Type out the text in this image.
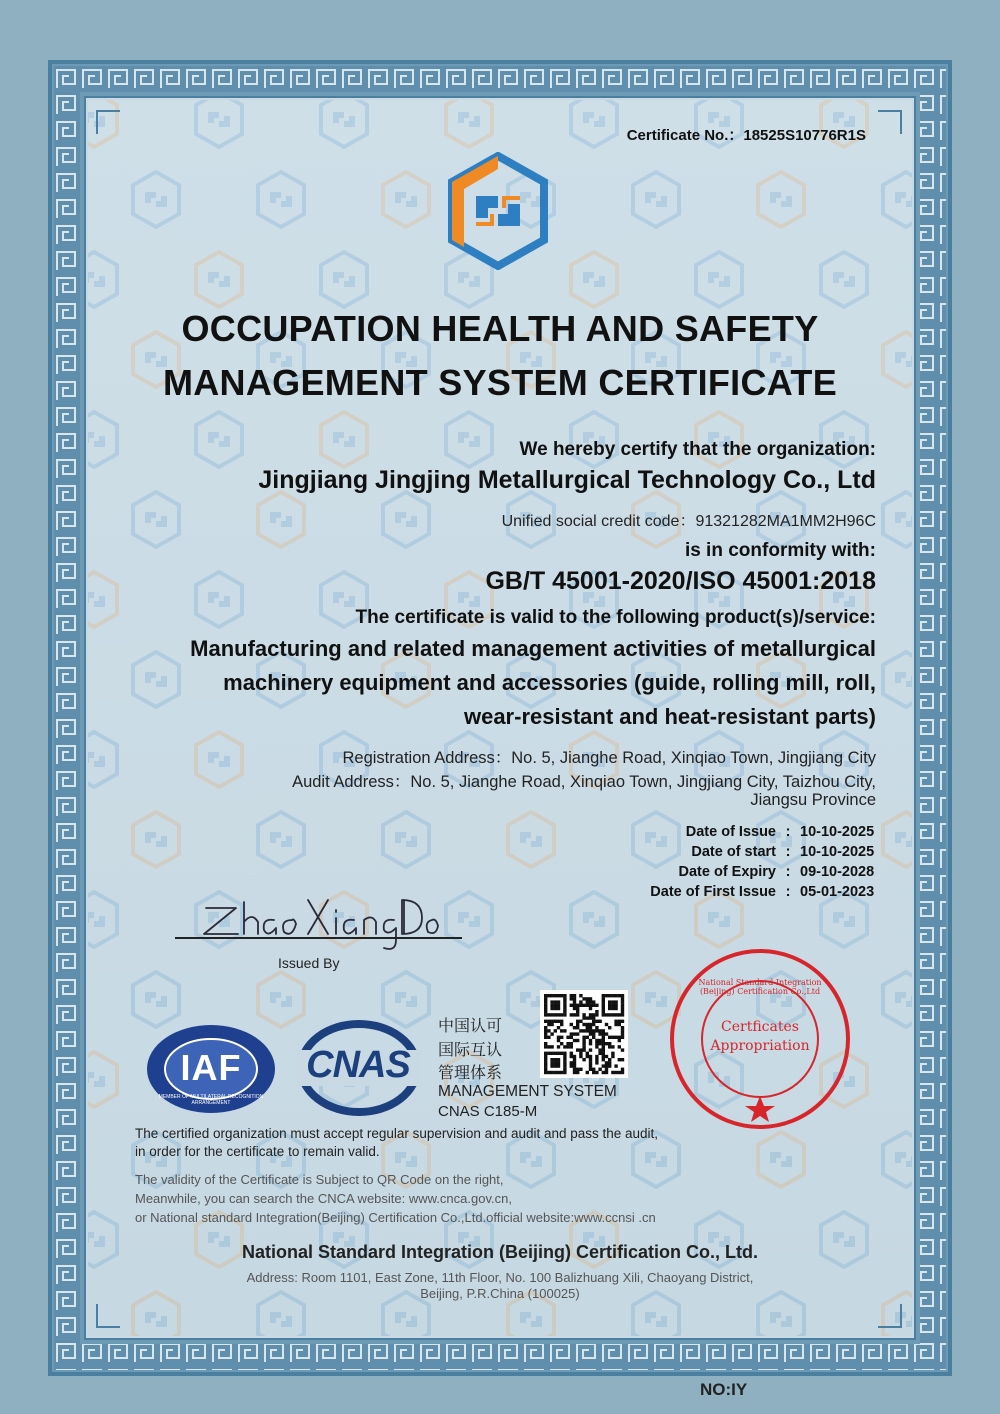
Certificate No.：18525S10776R1S
OCCUPATION HEALTH AND SAFETY
MANAGEMENT SYSTEM CERTIFICATE
We hereby certify that the organization:
Jingjiang Jingjing Metallurgical Technology Co., Ltd
Unified social credit code：91321282MA1MM2H96C
is in conformity with:
GB/T 45001-2020/ISO 45001:2018
The certificate is valid to the following product(s)/service:
Manufacturing and related management activities of metallurgical
machinery equipment and accessories (guide, rolling mill, roll,
wear-resistant and heat-resistant parts)
Registration Address：No. 5, Jianghe Road, Xinqiao Town, Jingjiang City
Audit Address：No. 5, Jianghe Road, Xinqiao Town, Jingjiang City, Taizhou City,
Jiangsu Province
Date of Issue : 10-10-2025
Date of start : 10-10-2025
Date of Expiry : 09-10-2028
Date of First Issue : 05-01-2023
Issued By
IAF
MEMBER OF MULTILATERAL RECOGNITION ARRANGEMENT
CNAS
中国认可
国际互认
管理体系
MANAGEMENT SYSTEM
CNAS C185-M
National Standard Integration (Beijing) Certification Co.,Ltd
Certficates
Appropriation
The certified organization must accept regular supervision and audit and pass the audit,
in order for the certificate to remain valid.
The validity of the Certificate is Subject to QR Code on the right,
Meanwhile, you can search the CNCA website: www.cnca.gov.cn,
or National standard Integration(Beijing) Certification Co.,Ltd.official website:www.ccnsi .cn
National Standard Integration (Beijing) Certification Co., Ltd.
Address: Room 1101, East Zone, 11th Floor, No. 100 Balizhuang Xili, Chaoyang District,
Beijing, P.R.China (100025)
NO:IY
